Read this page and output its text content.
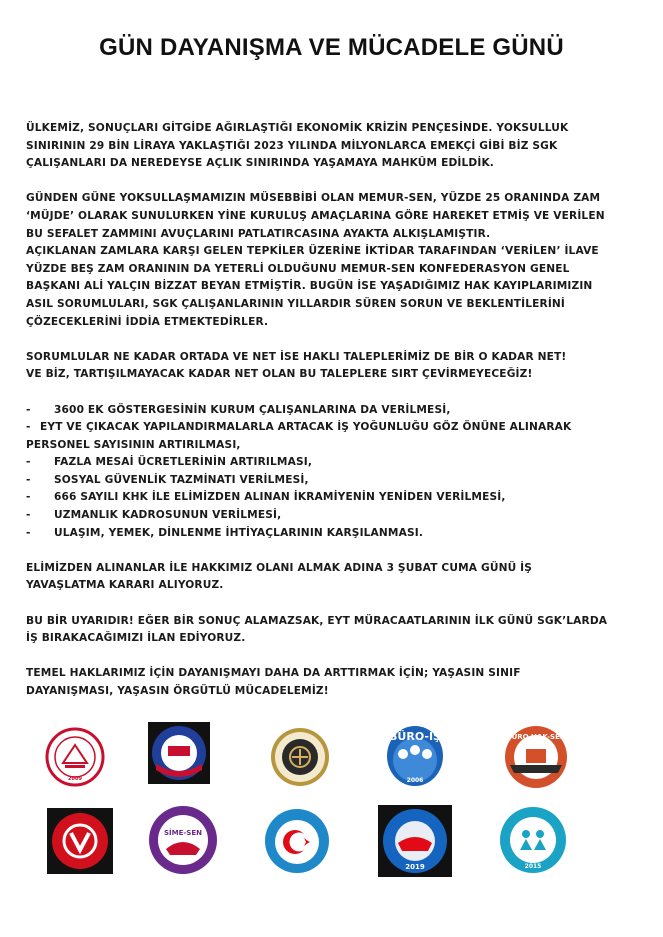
GÜN DAYANIŞMA VE MÜCADELE GÜNÜ

ÜLKEMİZ, SONUÇLARI GİTGİDE AĞIRLAŞTIĞI EKONOMİK KRİZİN PENÇESİNDE. YOKSULLUK

SINIRININ 29 BİN LİRAYA YAKLAŞTIĞI 2023 YILINDA MİLYONLARCA EMEKÇİ GİBİ BİZ SGK

ÇALIŞANLARI DA NEREDEYSE AÇLIK SINIRINDA YAŞAMAYA MAHKÛM EDİLDİK.

GÜNDEN GÜNE YOKSULLAŞMAMIZIN MÜSEBBİBİ OLAN MEMUR-SEN, YÜZDE 25 ORANINDA ZAM

‘MÜJDE’ OLARAK SUNULURKEN YİNE KURULUŞ AMAÇLARINA GÖRE HAREKET ETMİŞ VE VERİLEN

BU SEFALET ZAMMINI AVUÇLARINI PATLATIRCASINA AYAKTA ALKIŞLAMIŞTIR.

AÇIKLANAN ZAMLARA KARŞI GELEN TEPKİLER ÜZERİNE İKTİDAR TARAFINDAN ‘VERİLEN’ İLAVE

YÜZDE BEŞ ZAM ORANININ DA YETERLİ OLDUĞUNU MEMUR-SEN KONFEDERASYON GENEL

BAŞKANI ALİ YALÇIN BİZZAT BEYAN ETMİŞTİR. BUGÜN İSE YAŞADIĞIMIZ HAK KAYIPLARIMIZIN

ASIL SORUMLULARI, SGK ÇALIŞANLARININ YILLARDIR SÜREN SORUN VE BEKLENTİLERİNİ

ÇÖZECEKLERİNİ İDDİA ETMEKTEDİRLER.

SORUMLULAR NE KADAR ORTADA VE NET İSE HAKLI TALEPLERİMİZ DE BİR O KADAR NET!

VE BİZ, TARTIŞILMAYACAK KADAR NET OLAN BU TALEPLERE SIRT ÇEVİRMEYECEĞİZ!

-	3600 EK GÖSTERGESİNİN KURUM ÇALIŞANLARINA DA VERİLMESİ,
- EYT VE ÇIKACAK YAPILANDIRMALARLA ARTACAK İŞ YOĞUNLUĞU GÖZ ÖNÜNE ALINARAK

PERSONEL SAYISININ ARTIRILMASI,

-	FAZLA MESAİ ÜCRETLERİNİN ARTIRILMASI,
-	SOSYAL GÜVENLİK TAZMİNATI VERİLMESİ,
-	666 SAYILI KHK İLE ELİMİZDEN ALINAN İKRAMİYENİN YENİDEN VERİLMESİ,
-	UZMANLIK KADROSUNUN VERİLMESİ,
-	ULAŞIM, YEMEK, DİNLENME İHTİYAÇLARININ KARŞILANMASI.

ELİMİZDEN ALINANLAR İLE HAKKIMIZ OLANI ALMAK ADINA 3 ŞUBAT CUMA GÜNÜ İŞ

YAVAŞLATMA KARARI ALIYORUZ.

BU BİR UYARIDIR! EĞER BİR SONUÇ ALAMAZSAK, EYT MÜRACAATLARININ İLK GÜNÜ SGK’LARDA

İŞ BIRAKACAĞIMIZI İLAN EDİYORUZ.

TEMEL HAKLARIMIZ İÇİN DAYANIŞMAYI DAHA DA ARTTIRMAK İÇİN; YAŞASIN SINIF

DAYANIŞMASI, YAŞASIN ÖRGÜTLÜ MÜCADELEMİZ!

2009
BÜRO-İŞ
2006
BÜRO HAK-SEN
SİME-SEN
2019	2015
